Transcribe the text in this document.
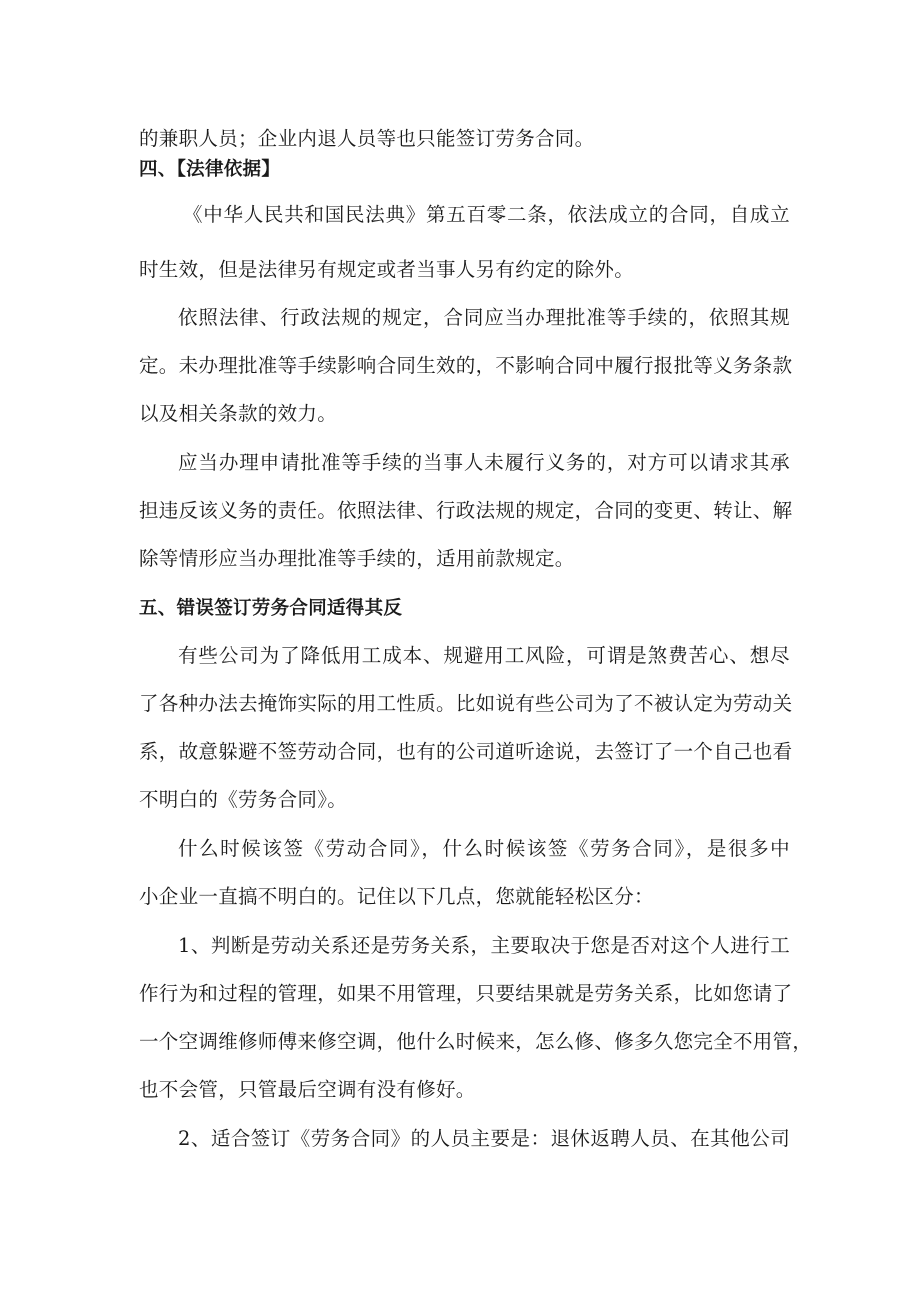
的兼职人员；企业内退人员等也只能签订劳务合同。
四、【法律依据】
《中华人民共和国民法典》第五百零二条，依法成立的合同，自成立
时生效，但是法律另有规定或者当事人另有约定的除外。
依照法律、行政法规的规定，合同应当办理批准等手续的，依照其规
定。未办理批准等手续影响合同生效的，不影响合同中履行报批等义务条款
以及相关条款的效力。
应当办理申请批准等手续的当事人未履行义务的，对方可以请求其承
担违反该义务的责任。依照法律、行政法规的规定，合同的变更、转让、解
除等情形应当办理批准等手续的，适用前款规定。
五、错误签订劳务合同适得其反
有些公司为了降低用工成本、规避用工风险，可谓是煞费苦心、想尽
了各种办法去掩饰实际的用工性质。比如说有些公司为了不被认定为劳动关
系，故意躲避不签劳动合同，也有的公司道听途说，去签订了一个自己也看
不明白的《劳务合同》。
什么时候该签《劳动合同》，什么时候该签《劳务合同》，是很多中
小企业一直搞不明白的。记住以下几点，您就能轻松区分：
1、判断是劳动关系还是劳务关系，主要取决于您是否对这个人进行工
作行为和过程的管理，如果不用管理，只要结果就是劳务关系，比如您请了
一个空调维修师傅来修空调，他什么时候来，怎么修、修多久您完全不用管，
也不会管，只管最后空调有没有修好。
2、适合签订《劳务合同》的人员主要是：退休返聘人员、在其他公司
